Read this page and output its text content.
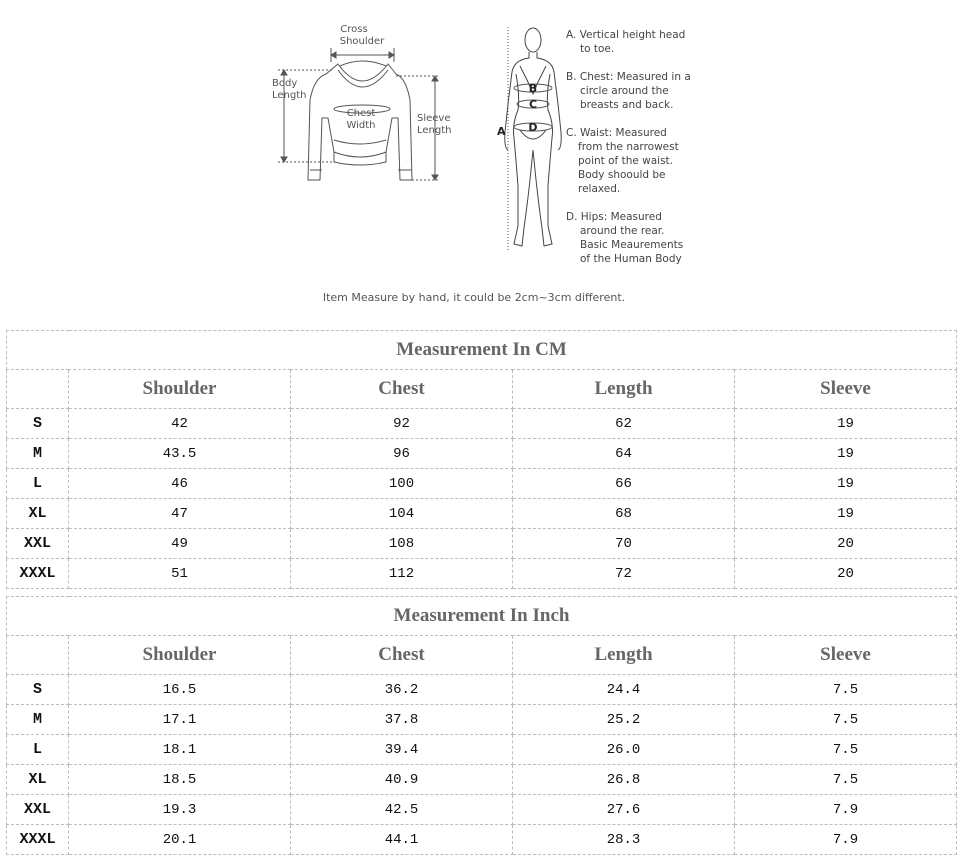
Cross
Shoulder
Body
Length
Chest
Width
Sleeve
Length
B
C
D
A
A. Vertical height head
to toe.
B. Chest: Measured in a
circle around the
breasts and back.
C. Waist: Measured
from the narrowest
point of the waist.
Body shoould be
relaxed.
D. Hips: Measured
around the rear.
Basic Meaurements
of the Human Body
Item Measure by hand, it could be 2cm~3cm different.
Measurement In CM				
	Shoulder	Chest	Length	Sleeve
S	42	92	62	19
M	43.5	96	64	19
L	46	100	66	19
XL	47	104	68	19
XXL	49	108	70	20
XXXL	51	112	72	20
Measurement In Inch				
	Shoulder	Chest	Length	Sleeve
S	16.5	36.2	24.4	7.5
M	17.1	37.8	25.2	7.5
L	18.1	39.4	26.0	7.5
XL	18.5	40.9	26.8	7.5
XXL	19.3	42.5	27.6	7.9
XXXL	20.1	44.1	28.3	7.9
